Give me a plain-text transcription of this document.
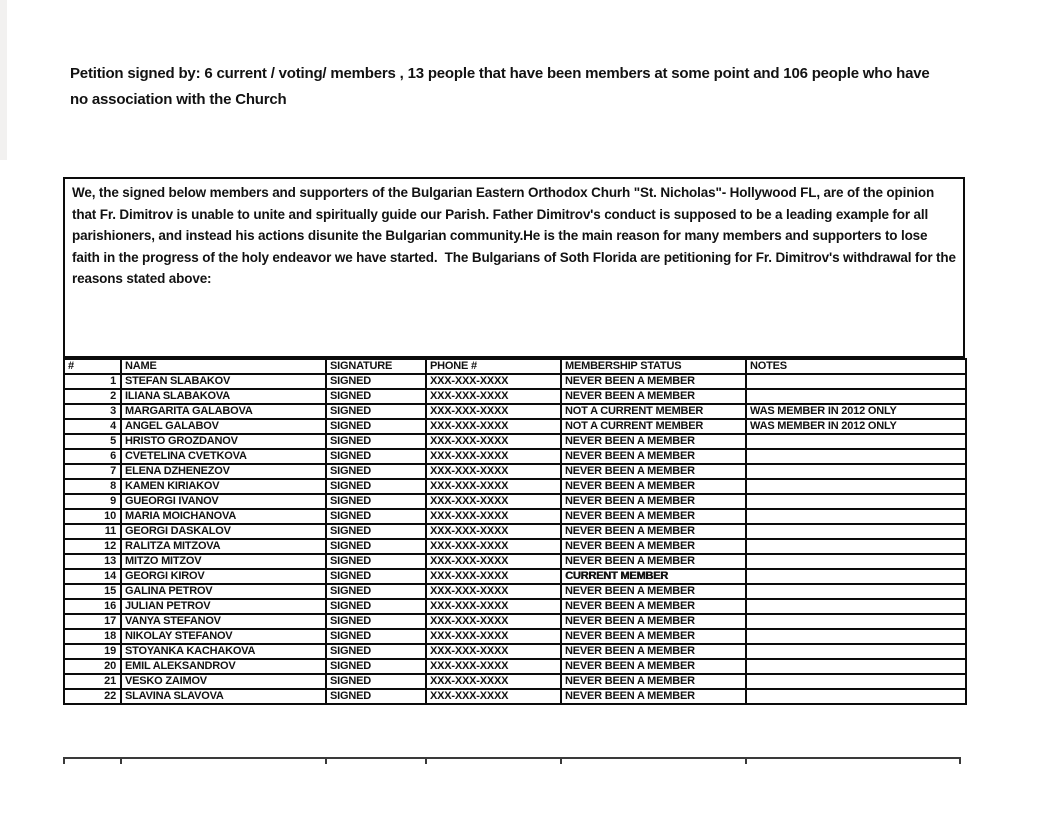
Petition signed by: 6 current / voting/ members , 13 people that have been members at some point and 106 people who have no association with the Church

We, the signed below members and supporters of the Bulgarian Eastern Orthodox Churh "St. Nicholas"- Hollywood FL, are of the opinion that Fr. Dimitrov is unable to unite and spiritually guide our Parish. Father Dimitrov's conduct is supposed to be a leading example for all parishioners, and instead his actions disunite the Bulgarian community.He is the main reason for many members and supporters to lose faith in the progress of the holy endeavor we have started.  The Bulgarians of Soth Florida are petitioning for Fr. Dimitrov's withdrawal for the reasons stated above:

#	NAME	SIGNATURE	PHONE #	MEMBERSHIP STATUS	NOTES
1	STEFAN SLABAKOV	SIGNED	XXX-XXX-XXXX	NEVER BEEN A MEMBER	
2	ILIANA SLABAKOVA	SIGNED	XXX-XXX-XXXX	NEVER BEEN A MEMBER	
3	MARGARITA GALABOVA	SIGNED	XXX-XXX-XXXX	NOT A CURRENT MEMBER	WAS MEMBER IN 2012 ONLY
4	ANGEL GALABOV	SIGNED	XXX-XXX-XXXX	NOT A CURRENT MEMBER	WAS MEMBER IN 2012 ONLY
5	HRISTO GROZDANOV	SIGNED	XXX-XXX-XXXX	NEVER BEEN A MEMBER	
6	CVETELINA CVETKOVA	SIGNED	XXX-XXX-XXXX	NEVER BEEN A MEMBER	
7	ELENA DZHENEZOV	SIGNED	XXX-XXX-XXXX	NEVER BEEN A MEMBER	
8	KAMEN KIRIAKOV	SIGNED	XXX-XXX-XXXX	NEVER BEEN A MEMBER	
9	GUEORGI IVANOV	SIGNED	XXX-XXX-XXXX	NEVER BEEN A MEMBER	
10	MARIA MOICHANOVA	SIGNED	XXX-XXX-XXXX	NEVER BEEN A MEMBER	
11	GEORGI DASKALOV	SIGNED	XXX-XXX-XXXX	NEVER BEEN A MEMBER	
12	RALITZA MITZOVA	SIGNED	XXX-XXX-XXXX	NEVER BEEN A MEMBER	
13	MITZO MITZOV	SIGNED	XXX-XXX-XXXX	NEVER BEEN A MEMBER	
14	GEORGI KIROV	SIGNED	XXX-XXX-XXXX	CURRENT MEMBER	
15	GALINA PETROV	SIGNED	XXX-XXX-XXXX	NEVER BEEN A MEMBER	
16	JULIAN PETROV	SIGNED	XXX-XXX-XXXX	NEVER BEEN A MEMBER	
17	VANYA STEFANOV	SIGNED	XXX-XXX-XXXX	NEVER BEEN A MEMBER	
18	NIKOLAY STEFANOV	SIGNED	XXX-XXX-XXXX	NEVER BEEN A MEMBER	
19	STOYANKA KACHAKOVA	SIGNED	XXX-XXX-XXXX	NEVER BEEN A MEMBER	
20	EMIL ALEKSANDROV	SIGNED	XXX-XXX-XXXX	NEVER BEEN A MEMBER	
21	VESKO ZAIMOV	SIGNED	XXX-XXX-XXXX	NEVER BEEN A MEMBER	
22	SLAVINA SLAVOVA	SIGNED	XXX-XXX-XXXX	NEVER BEEN A MEMBER	
